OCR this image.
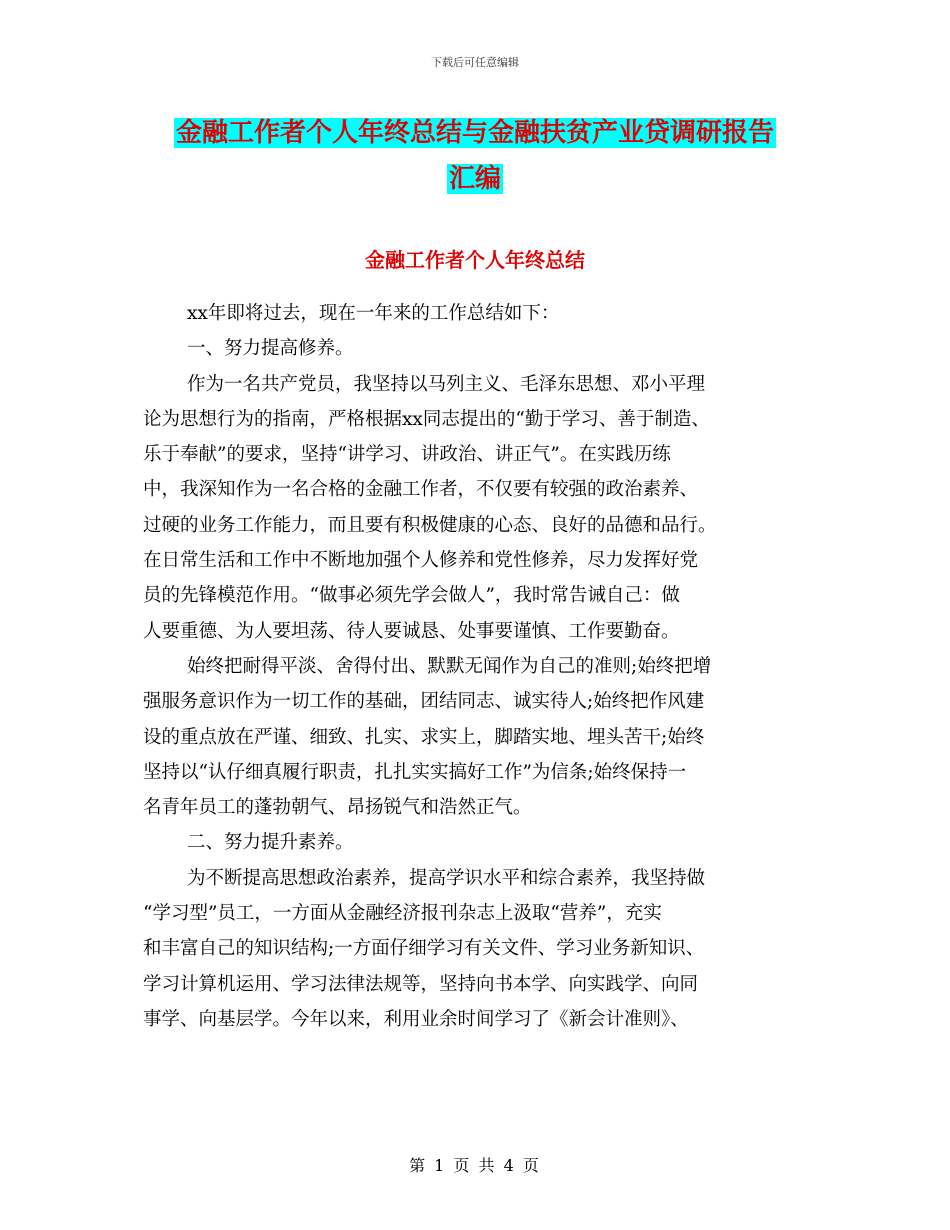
下载后可任意编辑
金融工作者个人年终总结与金融扶贫产业贷调研报告
汇编
金融工作者个人年终总结

xx年即将过去，现在一年来的工作总结如下：

一、努力提高修养。

作为一名共产党员，我坚持以马列主义、毛泽东思想、邓小平理

论为思想行为的指南，严格根据xx同志提出的“勤于学习、善于制造、

乐于奉献”的要求，坚持“讲学习、讲政治、讲正气”。在实践历练

中，我深知作为一名合格的金融工作者，不仅要有较强的政治素养、

过硬的业务工作能力，而且要有积极健康的心态、良好的品德和品行。

在日常生活和工作中不断地加强个人修养和党性修养，尽力发挥好党

员的先锋模范作用。“做事必须先学会做人”，我时常告诫自己：做

人要重德、为人要坦荡、待人要诚恳、处事要谨慎、工作要勤奋。

始终把耐得平淡、舍得付出、默默无闻作为自己的准则;始终把增

强服务意识作为一切工作的基础，团结同志、诚实待人;始终把作风建

设的重点放在严谨、细致、扎实、求实上，脚踏实地、埋头苦干;始终

坚持以“认仔细真履行职责，扎扎实实搞好工作”为信条;始终保持一

名青年员工的蓬勃朝气、昂扬锐气和浩然正气。

二、努力提升素养。

为不断提高思想政治素养，提高学识水平和综合素养，我坚持做

“学习型”员工，一方面从金融经济报刊杂志上汲取“营养”，充实

和丰富自己的知识结构;一方面仔细学习有关文件、学习业务新知识、

学习计算机运用、学习法律法规等，坚持向书本学、向实践学、向同

事学、向基层学。今年以来，利用业余时间学习了《新会计准则》、

第 1 页 共 4 页
